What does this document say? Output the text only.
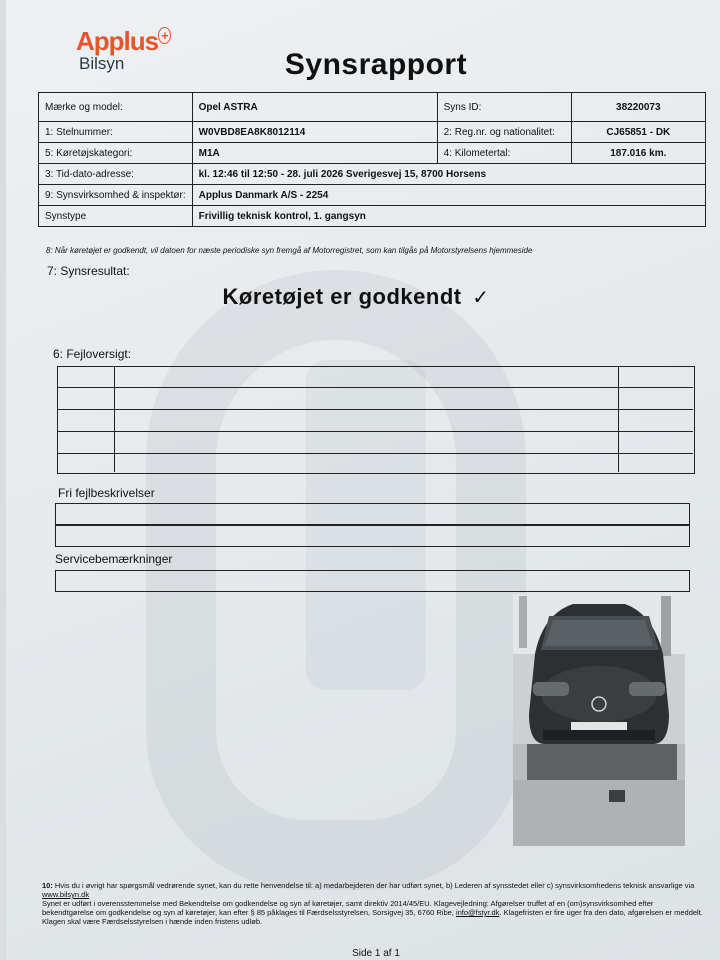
Applus +
Bilsyn	Synsrapport
Mærke og model:	Opel ASTRA	Syns ID:	38220073
1: Stelnummer:	W0VBD8EA8K8012114	2: Reg.nr. og nationalitet:	CJ65851 - DK
5: Køretøjskategori:	M1A	4: Kilometertal:	187.016 km.
3: Tid-dato-adresse:	kl. 12:46 til 12:50 - 28. juli 2026 Sverigesvej 15, 8700 Horsens		
9: Synsvirksomhed & inspektør:	Applus Danmark A/S - 2254		
Synstype	Frivillig teknisk kontrol, 1. gangsyn		
8: Når køretøjet er godkendt, vil datoen for næste periodiske syn fremgå af Motorregistret, som kan tilgås på Motorstyrelsens hjemmeside
7: Synsresultat:
Køretøjet er godkendt ✓
6: Fejloversigt:
Fri fejlbeskrivelser
Servicebemærkninger
10: Hvis du i øvrigt har spørgsmål vedrørende synet, kan du rette henvendelse til: a) medarbejderen der har udført synet, b) Lederen af synsstedet eller c) synsvirksomhedens teknisk ansvarlige via www.bilsyn.dk
Synet er udført i overensstemmelse med Bekendtelse om godkendelse og syn af køretøjer, samt direktiv 2014/45/EU. Klagevejledning: Afgørelser truffet af en (om)synsvirksomhed efter bekendtgørelse om godkendelse og syn af køretøjer, kan efter § 85 påklages til Færdselsstyrelsen, Sorsigvej 35, 6760 Ribe, info@fstyr.dk. Klagefristen er fire uger fra den dato, afgørelsen er meddelt. Klagen skal være Færdselsstyrelsen i hænde inden fristens udløb.
Side 1 af 1
